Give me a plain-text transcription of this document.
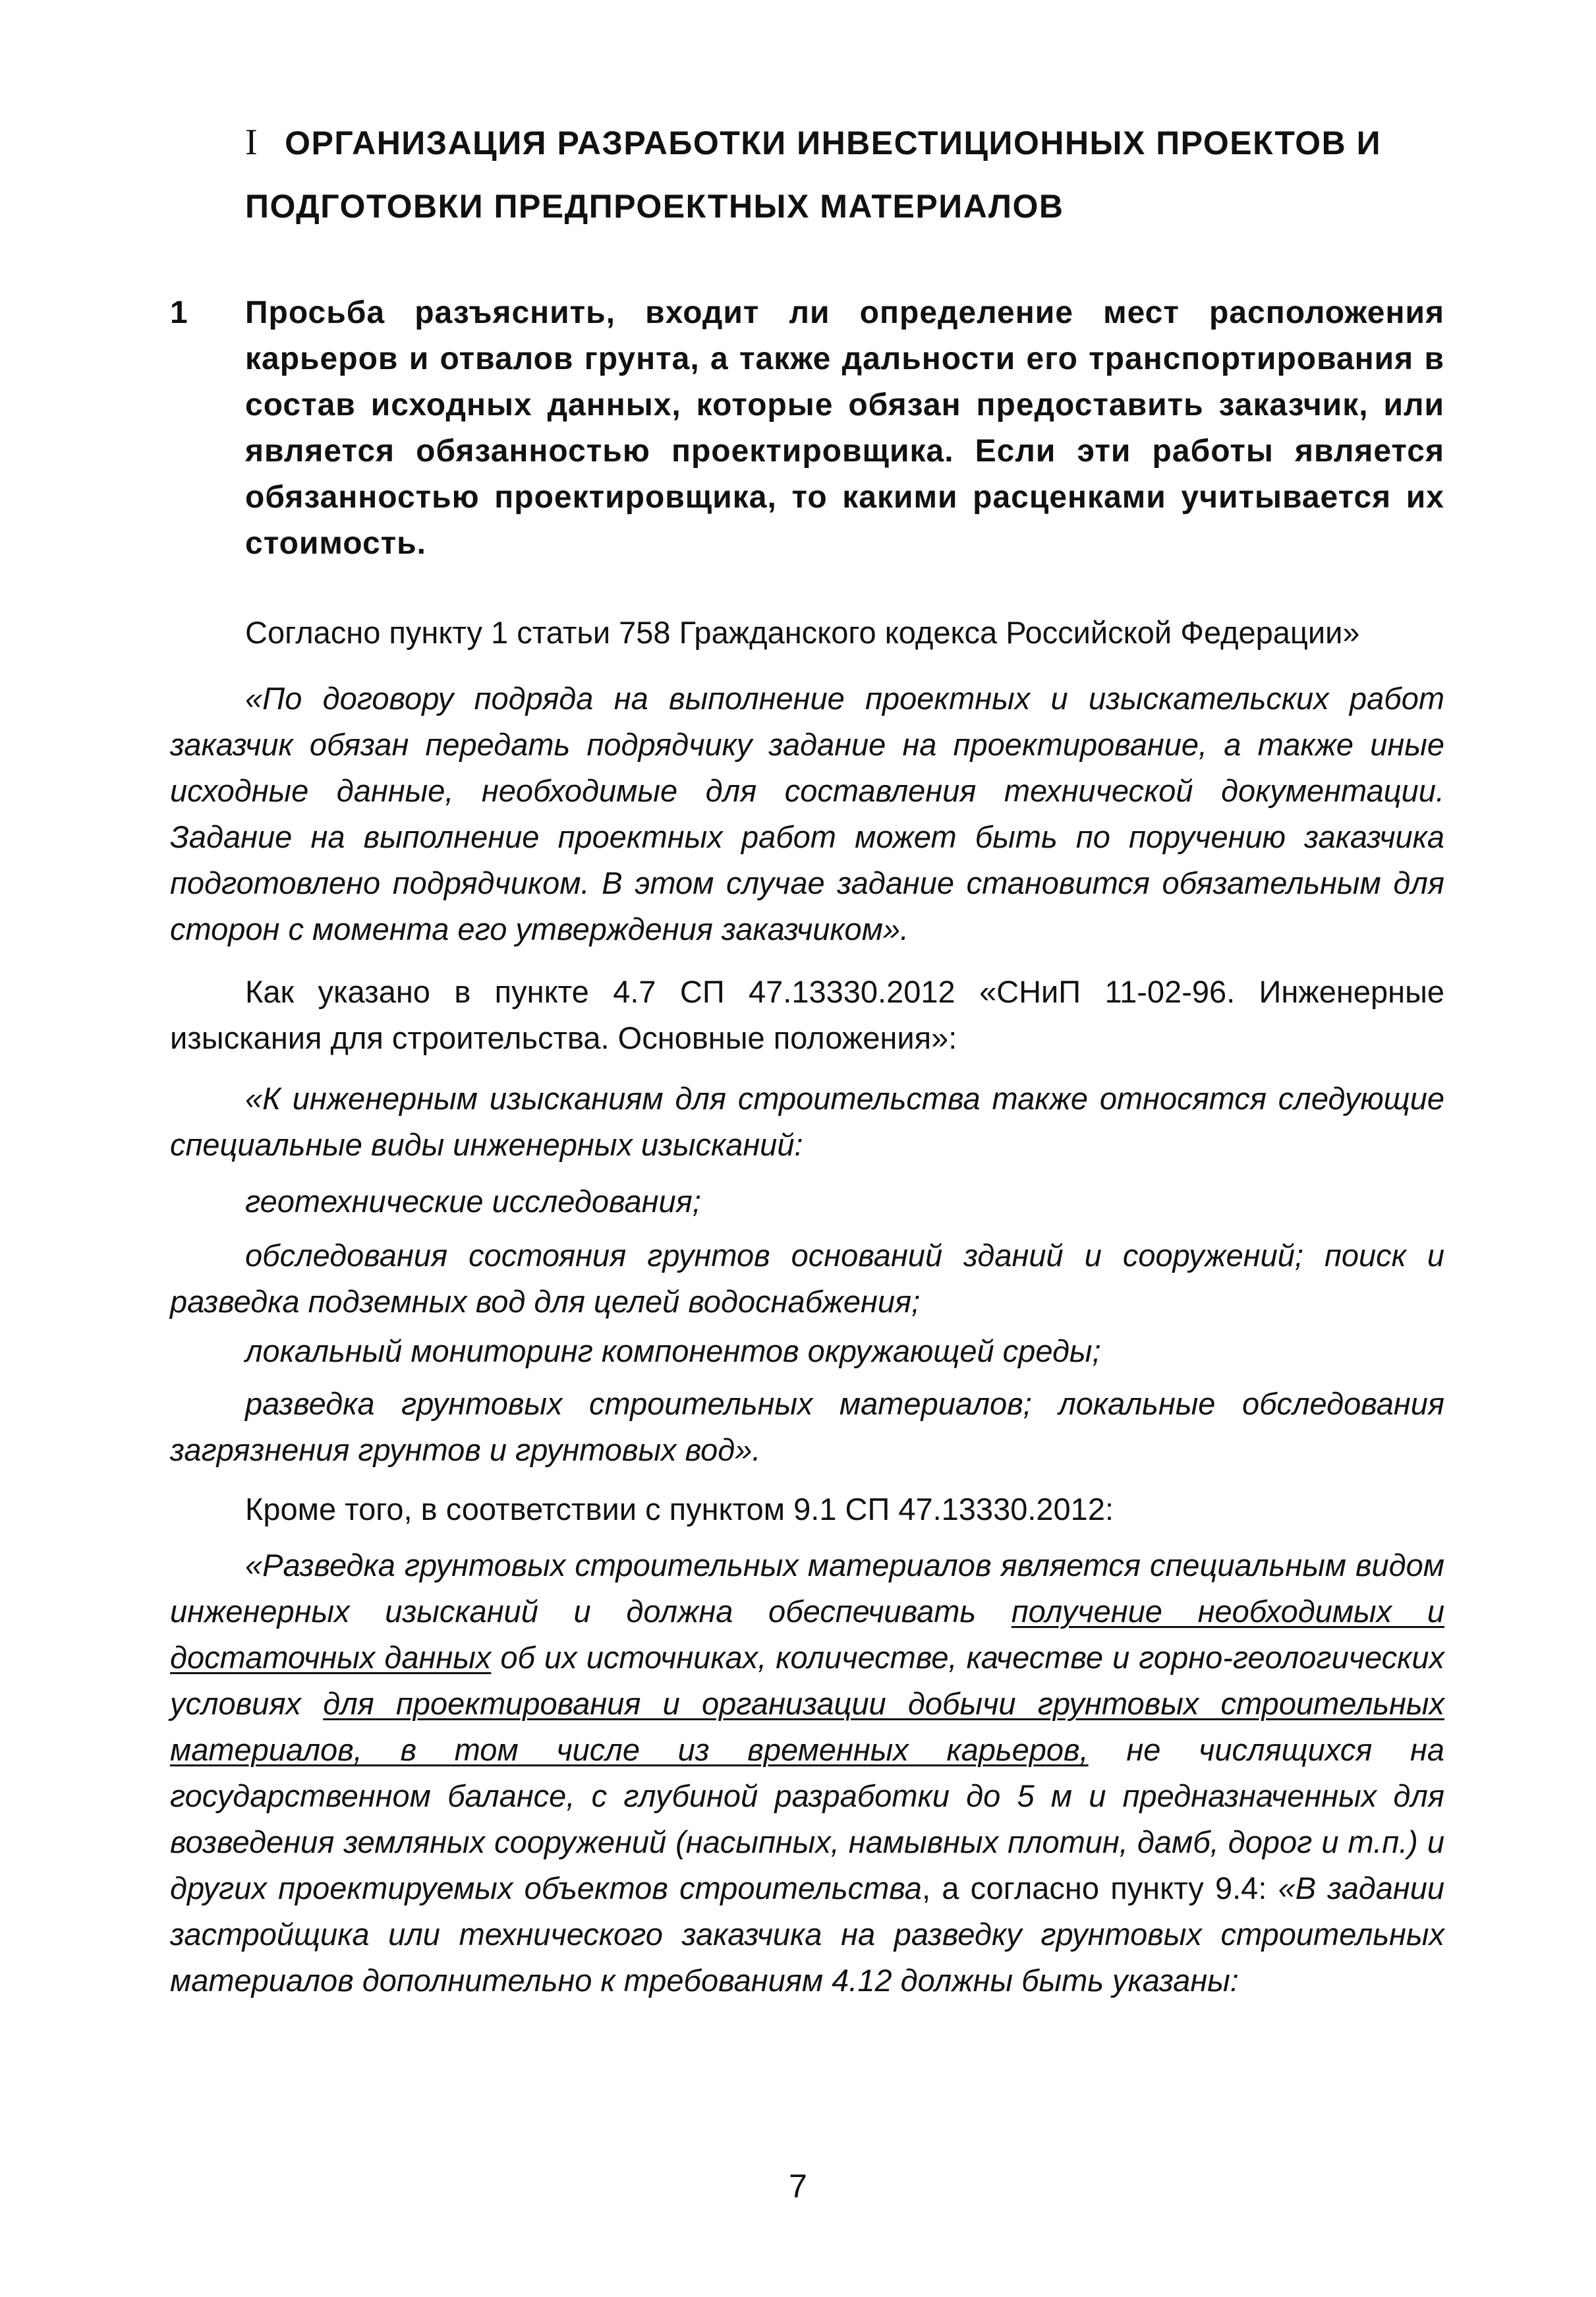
I ОРГАНИЗАЦИЯ РАЗРАБОТКИ ИНВЕСТИЦИОННЫХ ПРОЕКТОВ И ПОДГОТОВКИ ПРЕДПРОЕКТНЫХ МАТЕРИАЛОВ
1 Просьба разъяснить, входит ли определение мест расположения карьеров и отвалов грунта, а также дальности его транспортирования в состав исходных данных, которые обязан предоставить заказчик, или является обязанностью проектировщика. Если эти работы является обязанностью проектировщика, то какими расценками учитывается их стоимость.

Согласно пункту 1 статьи 758 Гражданского кодекса Российской Федерации»

«По договору подряда на выполнение проектных и изыскательских работ заказчик обязан передать подрядчику задание на проектирование, а также иные исходные данные, необходимые для составления технической документации. Задание на выполнение проектных работ может быть по поручению заказчика подготовлено подрядчиком. В этом случае задание становится обязательным для сторон с момента его утверждения заказчиком».

Как указано в пункте 4.7 СП 47.13330.2012 «СНиП 11-02-96. Инженерные изыскания для строительства. Основные положения»:

«К инженерным изысканиям для строительства также относятся следующие специальные виды инженерных изысканий:

геотехнические исследования;

обследования состояния грунтов оснований зданий и сооружений; поиск и разведка подземных вод для целей водоснабжения;

локальный мониторинг компонентов окружающей среды;

разведка грунтовых строительных материалов; локальные обследования загрязнения грунтов и грунтовых вод».

Кроме того, в соответствии с пунктом 9.1 СП 47.13330.2012:

«Разведка грунтовых строительных материалов является специальным видом инженерных изысканий и должна обеспечивать получение необходимых и достаточных данных об их источниках, количестве, качестве и горно-геологических условиях для проектирования и организации добычи грунтовых строительных материалов, в том числе из временных карьеров, не числящихся на государственном балансе, с глубиной разработки до 5 м и предназначенных для возведения земляных сооружений (насыпных, намывных плотин, дамб, дорог и т.п.) и других проектируемых объектов строительства, а согласно пункту 9.4: «В задании застройщика или технического заказчика на разведку грунтовых строительных материалов дополнительно к требованиям 4.12 должны быть указаны:

7
